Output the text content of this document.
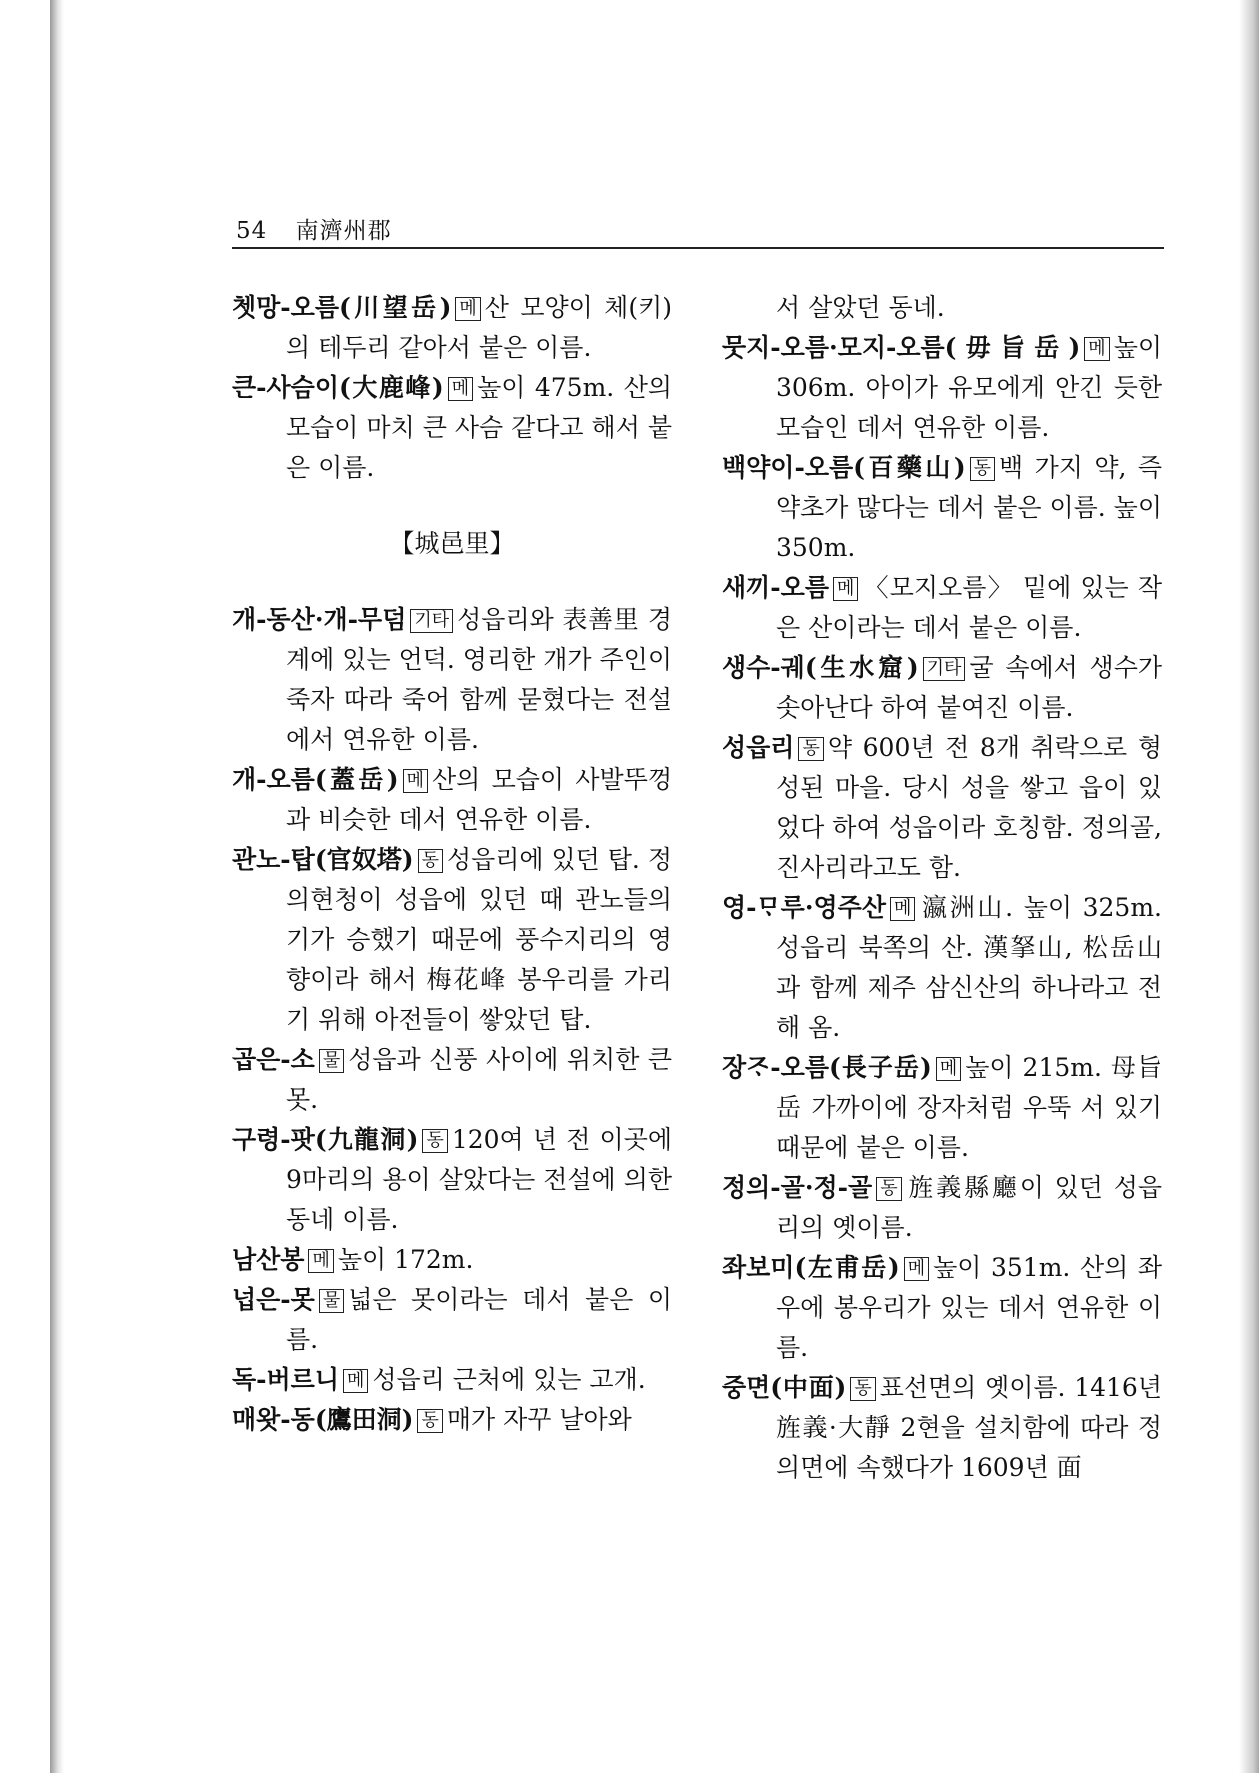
54 南濟州郡

쳇망-오름(川望岳) 메 산 모양이 체(키)의 테두리 같아서 붙은 이름.

큰-사슴이(大鹿峰) 메 높이 475m. 산의 모습이 마치 큰 사슴 같다고 해서 붙은 이름.

【城邑里】

개-동산·개-무덤 기타 성읍리와 表善里 경계에 있는 언덕. 영리한 개가 주인이 죽자 따라 죽어 함께 묻혔다는 전설에서 연유한 이름.

개-오름(蓋岳) 메 산의 모습이 사발뚜껑과 비슷한 데서 연유한 이름.

관노-탑(官奴塔) 동 성읍리에 있던 탑. 정의현청이 성읍에 있던 때 관노들의 기가 승했기 때문에 풍수지리의 영향이라 해서 梅花峰 봉우리를 가리기 위해 아전들이 쌓았던 탑.

곱은-소 물 성읍과 신풍 사이에 위치한 큰 못.

구령-팟(九龍洞) 동 120여 년 전 이곳에 9마리의 용이 살았다는 전설에 의한 동네 이름.

남산봉 메 높이 172m.

넙은-못 물 넓은 못이라는 데서 붙은 이름.

독-버르니 메 성읍리 근처에 있는 고개.

매왓-동(鷹田洞) 동 매가 자꾸 날아와

서 살았던 동네.

뭇지-오름·모지-오름(毋旨岳) 메 높이 306m. 아이가 유모에게 안긴 듯한 모습인 데서 연유한 이름.

백약이-오름(百藥山) 동 백 가지 약, 즉 약초가 많다는 데서 붙은 이름. 높이 350m.

새끼-오름 메 〈모지오름〉 밑에 있는 작은 산이라는 데서 붙은 이름.

생수-궤(生水窟) 기타 굴 속에서 생수가 솟아난다 하여 붙여진 이름.

성읍리 동 약 600년 전 8개 취락으로 형성된 마을. 당시 성을 쌓고 읍이 있었다 하여 성읍이라 호칭함. 정의골, 진사리라고도 함.

영-ᄆᆞ루·영주산 메 瀛洲山. 높이 325m. 성읍리 북쪽의 산. 漢拏山, 松岳山과 함께 제주 삼신산의 하나라고 전해 옴.

장ᄌᆞ-오름(長子岳) 메 높이 215m. 母旨岳 가까이에 장자처럼 우뚝 서 있기 때문에 붙은 이름.

정의-골·정-골 동 旌義縣廳이 있던 성읍리의 옛이름.

좌보미(左甫岳) 메 높이 351m. 산의 좌우에 봉우리가 있는 데서 연유한 이름.

중면(中面) 동 표선면의 옛이름. 1416년 旌義·大靜 2현을 설치함에 따라 정의면에 속했다가 1609년 面
